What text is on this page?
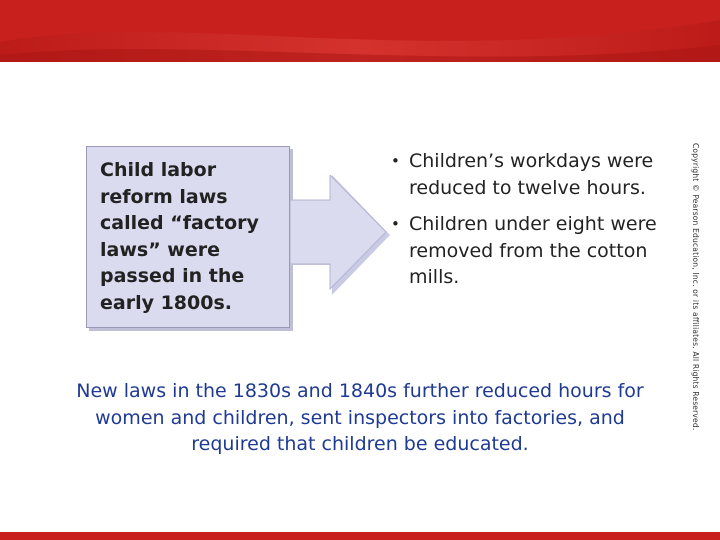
Child labor reform laws called “factory laws” were passed in the early 1800s.

• Children’s workdays were reduced to twelve hours.
• Children under eight were removed from the cotton mills.

New laws in the 1830s and 1840s further reduced hours for women and children, sent inspectors into factories, and required that children be educated.

Copyright © Pearson Education, Inc. or its affiliates. All Rights Reserved.
